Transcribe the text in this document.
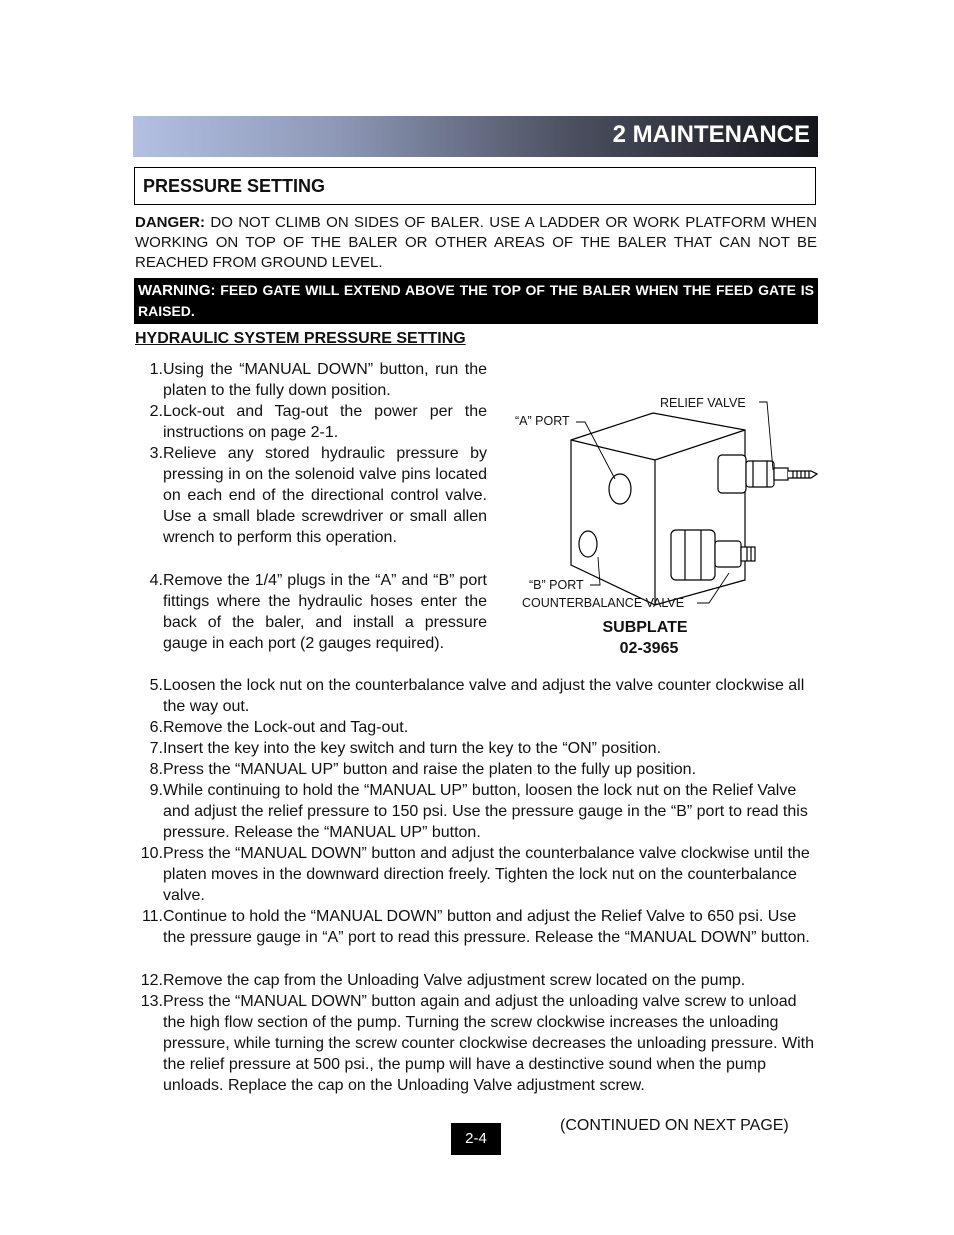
2 MAINTENANCE
PRESSURE SETTING
DANGER: DO NOT CLIMB ON SIDES OF BALER. USE A LADDER OR WORK PLATFORM WHEN WORKING ON TOP OF THE BALER OR OTHER AREAS OF THE BALER THAT CAN NOT BE REACHED FROM GROUND LEVEL.
WARNING: FEED GATE WILL EXTEND ABOVE THE TOP OF THE BALER WHEN THE FEED GATE IS RAISED.
HYDRAULIC SYSTEM PRESSURE SETTING
1. Using the “MANUAL DOWN” button, run the platen to the fully down position.
2. Lock-out and Tag-out the power per the instructions on page 2-1.
3. Relieve any stored hydraulic pressure by pressing in on the solenoid valve pins located on each end of the directional control valve. Use a small blade screwdriver or small allen wrench to perform this operation.
4. Remove the 1/4” plugs in the “A” and “B” port fittings where the hydraulic hoses enter the back of the baler, and install a pressure gauge in each port (2 gauges required).
5. Loosen the lock nut on the counterbalance valve and adjust the valve counter clockwise all the way out.
6. Remove the Lock-out and Tag-out.
7. Insert the key into the key switch and turn the key to the “ON” position.
8. Press the “MANUAL UP” button and raise the platen to the fully up position.
9. While continuing to hold the “MANUAL UP” button, loosen the lock nut on the Relief Valve and adjust the relief pressure to 150 psi. Use the pressure gauge in the “B” port to read this pressure. Release the “MANUAL UP” button.
10. Press the “MANUAL DOWN” button and adjust the counterbalance valve clockwise until the platen moves in the downward direction freely. Tighten the lock nut on the counterbalance valve.
11. Continue to hold the “MANUAL DOWN” button and adjust the Relief Valve to 650 psi. Use the pressure gauge in “A” port to read this pressure. Release the “MANUAL DOWN” button.
12. Remove the cap from the Unloading Valve adjustment screw located on the pump.
13. Press the “MANUAL DOWN” button again and adjust the unloading valve screw to unload the high flow section of the pump. Turning the screw clockwise increases the unloading pressure, while turning the screw counter clockwise decreases the unloading pressure. With the relief pressure at 500 psi., the pump will have a destinctive sound when the pump unloads. Replace the cap on the Unloading Valve adjustment screw.
RELIEF VALVE
“A” PORT
“B” PORT
COUNTERBALANCE VALVE
SUBPLATE
02-3965
2-4
(CONTINUED ON NEXT PAGE)
